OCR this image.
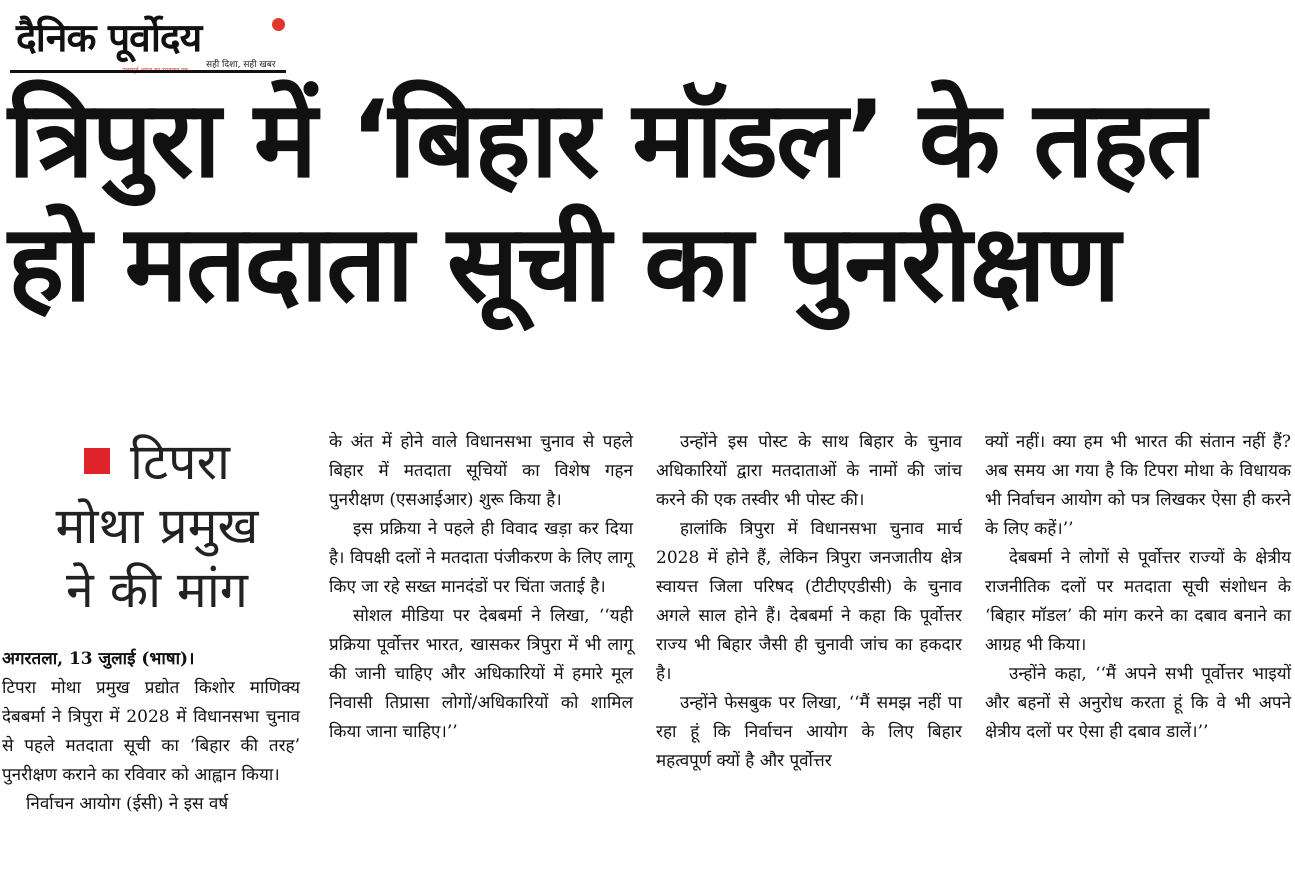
दैनिक पूर्वोदय
सही दिशा, सही खबर
त्रिपुरा में ‘बिहार मॉडल’ के तहत
हो मतदाता सूची का पुनरीक्षण
टिपरा
मोथा प्रमुख
ने की मांग

अगरतला, 13 जुलाई (भाषा)।

टिपरा मोथा प्रमुख प्रद्योत किशोर माणिक्य देबबर्मा ने त्रिपुरा में 2028 में विधानसभा चुनाव से पहले मतदाता सूची का ‘बिहार की तरह’ पुनरीक्षण कराने का रविवार को आह्वान किया।

निर्वाचन आयोग (ईसी) ने इस वर्ष

के अंत में होने वाले विधानसभा चुनाव से पहले बिहार में मतदाता सूचियों का विशेष गहन पुनरीक्षण (एसआईआर) शुरू किया है।

इस प्रक्रिया ने पहले ही विवाद खड़ा कर दिया है। विपक्षी दलों ने मतदाता पंजीकरण के लिए लागू किए जा रहे सख्त मानदंडों पर चिंता जताई है।

सोशल मीडिया पर देबबर्मा ने लिखा, ‘‘यही प्रक्रिया पूर्वोत्तर भारत, खासकर त्रिपुरा में भी लागू की जानी चाहिए और अधिकारियों में हमारे मूल निवासी तिप्रासा लोगों/अधिकारियों को शामिल किया जाना चाहिए।’’

उन्होंने इस पोस्ट के साथ बिहार के चुनाव अधिकारियों द्वारा मतदाताओं के नामों की जांच करने की एक तस्वीर भी पोस्ट की।

हालांकि त्रिपुरा में विधानसभा चुनाव मार्च 2028 में होने हैं, लेकिन त्रिपुरा जनजातीय क्षेत्र स्वायत्त जिला परिषद (टीटीएएडीसी) के चुनाव अगले साल होने हैं। देबबर्मा ने कहा कि पूर्वोत्तर राज्य भी बिहार जैसी ही चुनावी जांच का हकदार है।

उन्होंने फेसबुक पर लिखा, ‘‘मैं समझ नहीं पा रहा हूं कि निर्वाचन आयोग के लिए बिहार महत्वपूर्ण क्यों है और पूर्वोत्तर

क्यों नहीं। क्या हम भी भारत की संतान नहीं हैं? अब समय आ गया है कि टिपरा मोथा के विधायक भी निर्वाचन आयोग को पत्र लिखकर ऐसा ही करने के लिए कहें।’’

देबबर्मा ने लोगों से पूर्वोत्तर राज्यों के क्षेत्रीय राजनीतिक दलों पर मतदाता सूची संशोधन के ‘बिहार मॉडल’ की मांग करने का दबाव बनाने का आग्रह भी किया।

उन्होंने कहा, ‘‘मैं अपने सभी पूर्वोत्तर भाइयों और बहनों से अनुरोध करता हूं कि वे भी अपने क्षेत्रीय दलों पर ऐसा ही दबाव डालें।’’
